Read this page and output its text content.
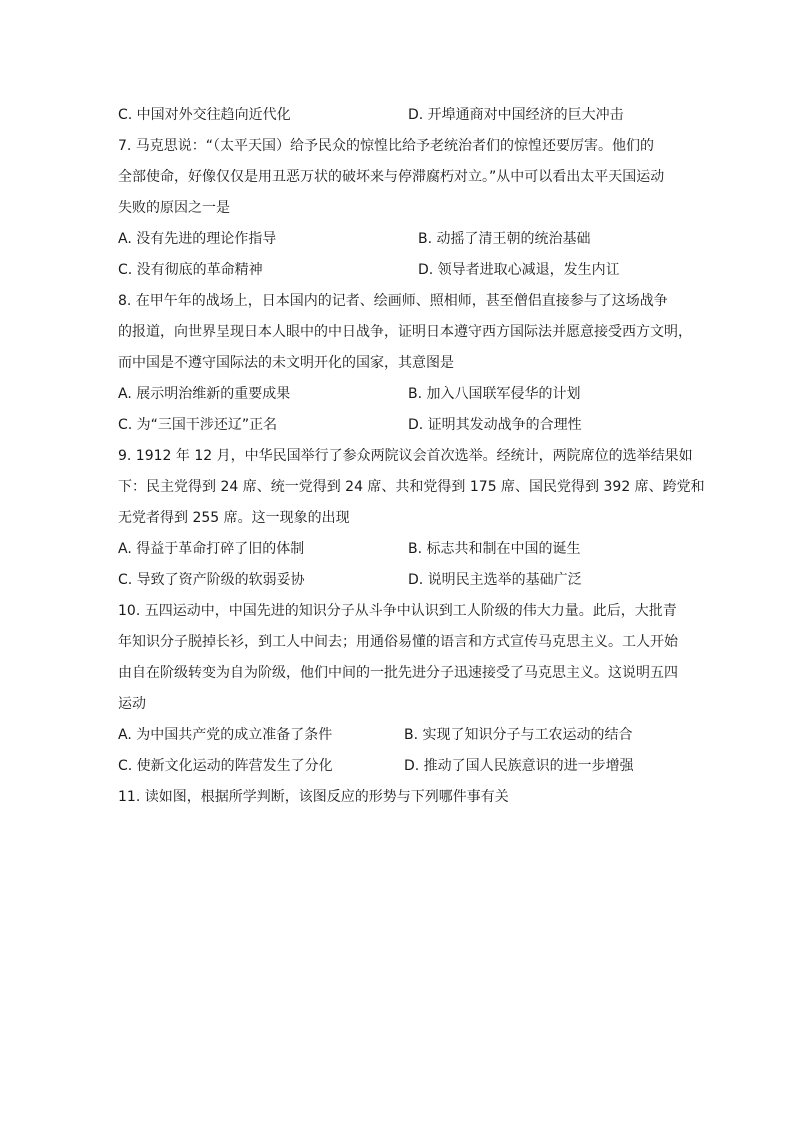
C. 中国对外交往趋向近代化	D. 开埠通商对中国经济的巨大冲击
7. 马克思说：“（太平天国）给予民众的惊惶比给予老统治者们的惊惶还要厉害。他们的
全部使命，好像仅仅是用丑恶万状的破坏来与停滞腐朽对立。”从中可以看出太平天国运动
失败的原因之一是
A. 没有先进的理论作指导	B. 动摇了清王朝的统治基础
C. 没有彻底的革命精神	D. 领导者进取心减退，发生内讧
8. 在甲午年的战场上，日本国内的记者、绘画师、照相师，甚至僧侣直接参与了这场战争
的报道，向世界呈现日本人眼中的中日战争，证明日本遵守西方国际法并愿意接受西方文明，
而中国是不遵守国际法的未文明开化的国家，其意图是
A. 展示明治维新的重要成果	B. 加入八国联军侵华的计划
C. 为“三国干涉还辽”正名	D. 证明其发动战争的合理性
9. 1912 年 12 月，中华民国举行了参众两院议会首次选举。经统计，两院席位的选举结果如
下：民主党得到 24 席、统一党得到 24 席、共和党得到 175 席、国民党得到 392 席、跨党和
无党者得到 255 席。这一现象的出现
A. 得益于革命打碎了旧的体制	B. 标志共和制在中国的诞生
C. 导致了资产阶级的软弱妥协	D. 说明民主选举的基础广泛
10. 五四运动中，中国先进的知识分子从斗争中认识到工人阶级的伟大力量。此后，大批青
年知识分子脱掉长衫，到工人中间去；用通俗易懂的语言和方式宣传马克思主义。工人开始
由自在阶级转变为自为阶级，他们中间的一批先进分子迅速接受了马克思主义。这说明五四
运动
A. 为中国共产党的成立准备了条件	B. 实现了知识分子与工农运动的结合
C. 使新文化运动的阵营发生了分化	D. 推动了国人民族意识的进一步增强
11. 读如图，根据所学判断，该图反应的形势与下列哪件事有关
